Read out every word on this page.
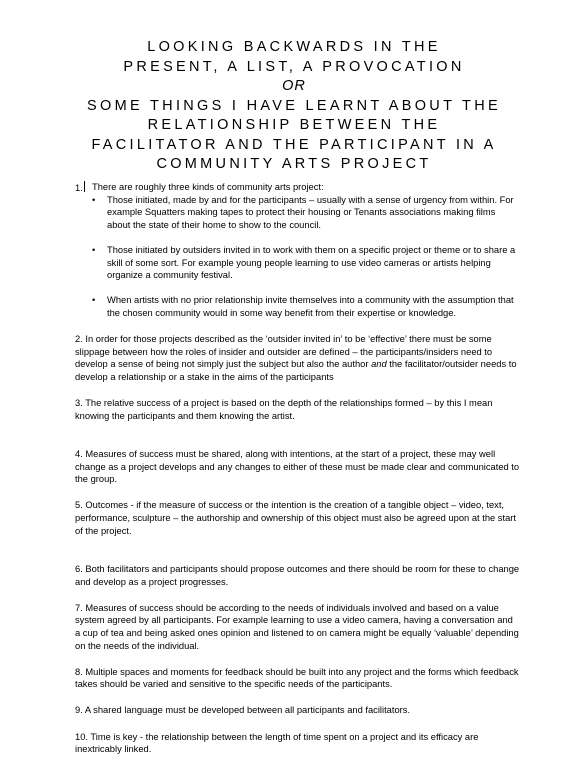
LOOKING BACKWARDS IN THE
PRESENT, A LIST, A PROVOCATION
OR
SOME THINGS I HAVE LEARNT ABOUT THE
RELATIONSHIP BETWEEN THE
FACILITATOR AND THE PARTICIPANT IN A
COMMUNITY ARTS PROJECT
1. There are roughly three kinds of community arts project:
• Those initiated, made by and for the participants – usually with a sense of urgency from within. For example Squatters making tapes to protect their housing or Tenants associations making films about the state of their home to show to the council.
• Those initiated by outsiders invited in to work with them on a specific project or theme or to share a skill of some sort. For example young people learning to use video cameras or artists helping organize a community festival.
• When artists with no prior relationship invite themselves into a community with the assumption that the chosen community would in some way benefit from their expertise or knowledge.

2. In order for those projects described as the ‘outsider invited in’ to be ‘effective’ there must be some slippage between how the roles of insider and outsider are defined – the participants/insiders need to develop a sense of being not simply just the subject but also the author and the facilitator/outsider needs to develop a relationship or a stake in the aims of the participants

3. The relative success of a project is based on the depth of the relationships formed – by this I mean knowing the participants and them knowing the artist.

4. Measures of success must be shared, along with intentions, at the start of a project, these may well change as a project develops and any changes to either of these must be made clear and communicated to the group.

5. Outcomes - if the measure of success or the intention is the creation of a tangible object – video, text, performance, sculpture – the authorship and ownership of this object must also be agreed upon at the start of the project.

6. Both facilitators and participants should propose outcomes and there should be room for these to change and develop as a project progresses.

7. Measures of success should be according to the needs of individuals involved and based on a value system agreed by all participants. For example learning to use a video camera, having a conversation and a cup of tea and being asked ones opinion and listened to on camera might be equally ‘valuable’ depending on the needs of the individual.

8. Multiple spaces and moments for feedback should be built into any project and the forms which feedback takes should be varied and sensitive to the specific needs of the participants.

9. A shared language must be developed between all participants and facilitators.

10. Time is key - the relationship between the length of time spent on a project and its efficacy are inextricably linked.
